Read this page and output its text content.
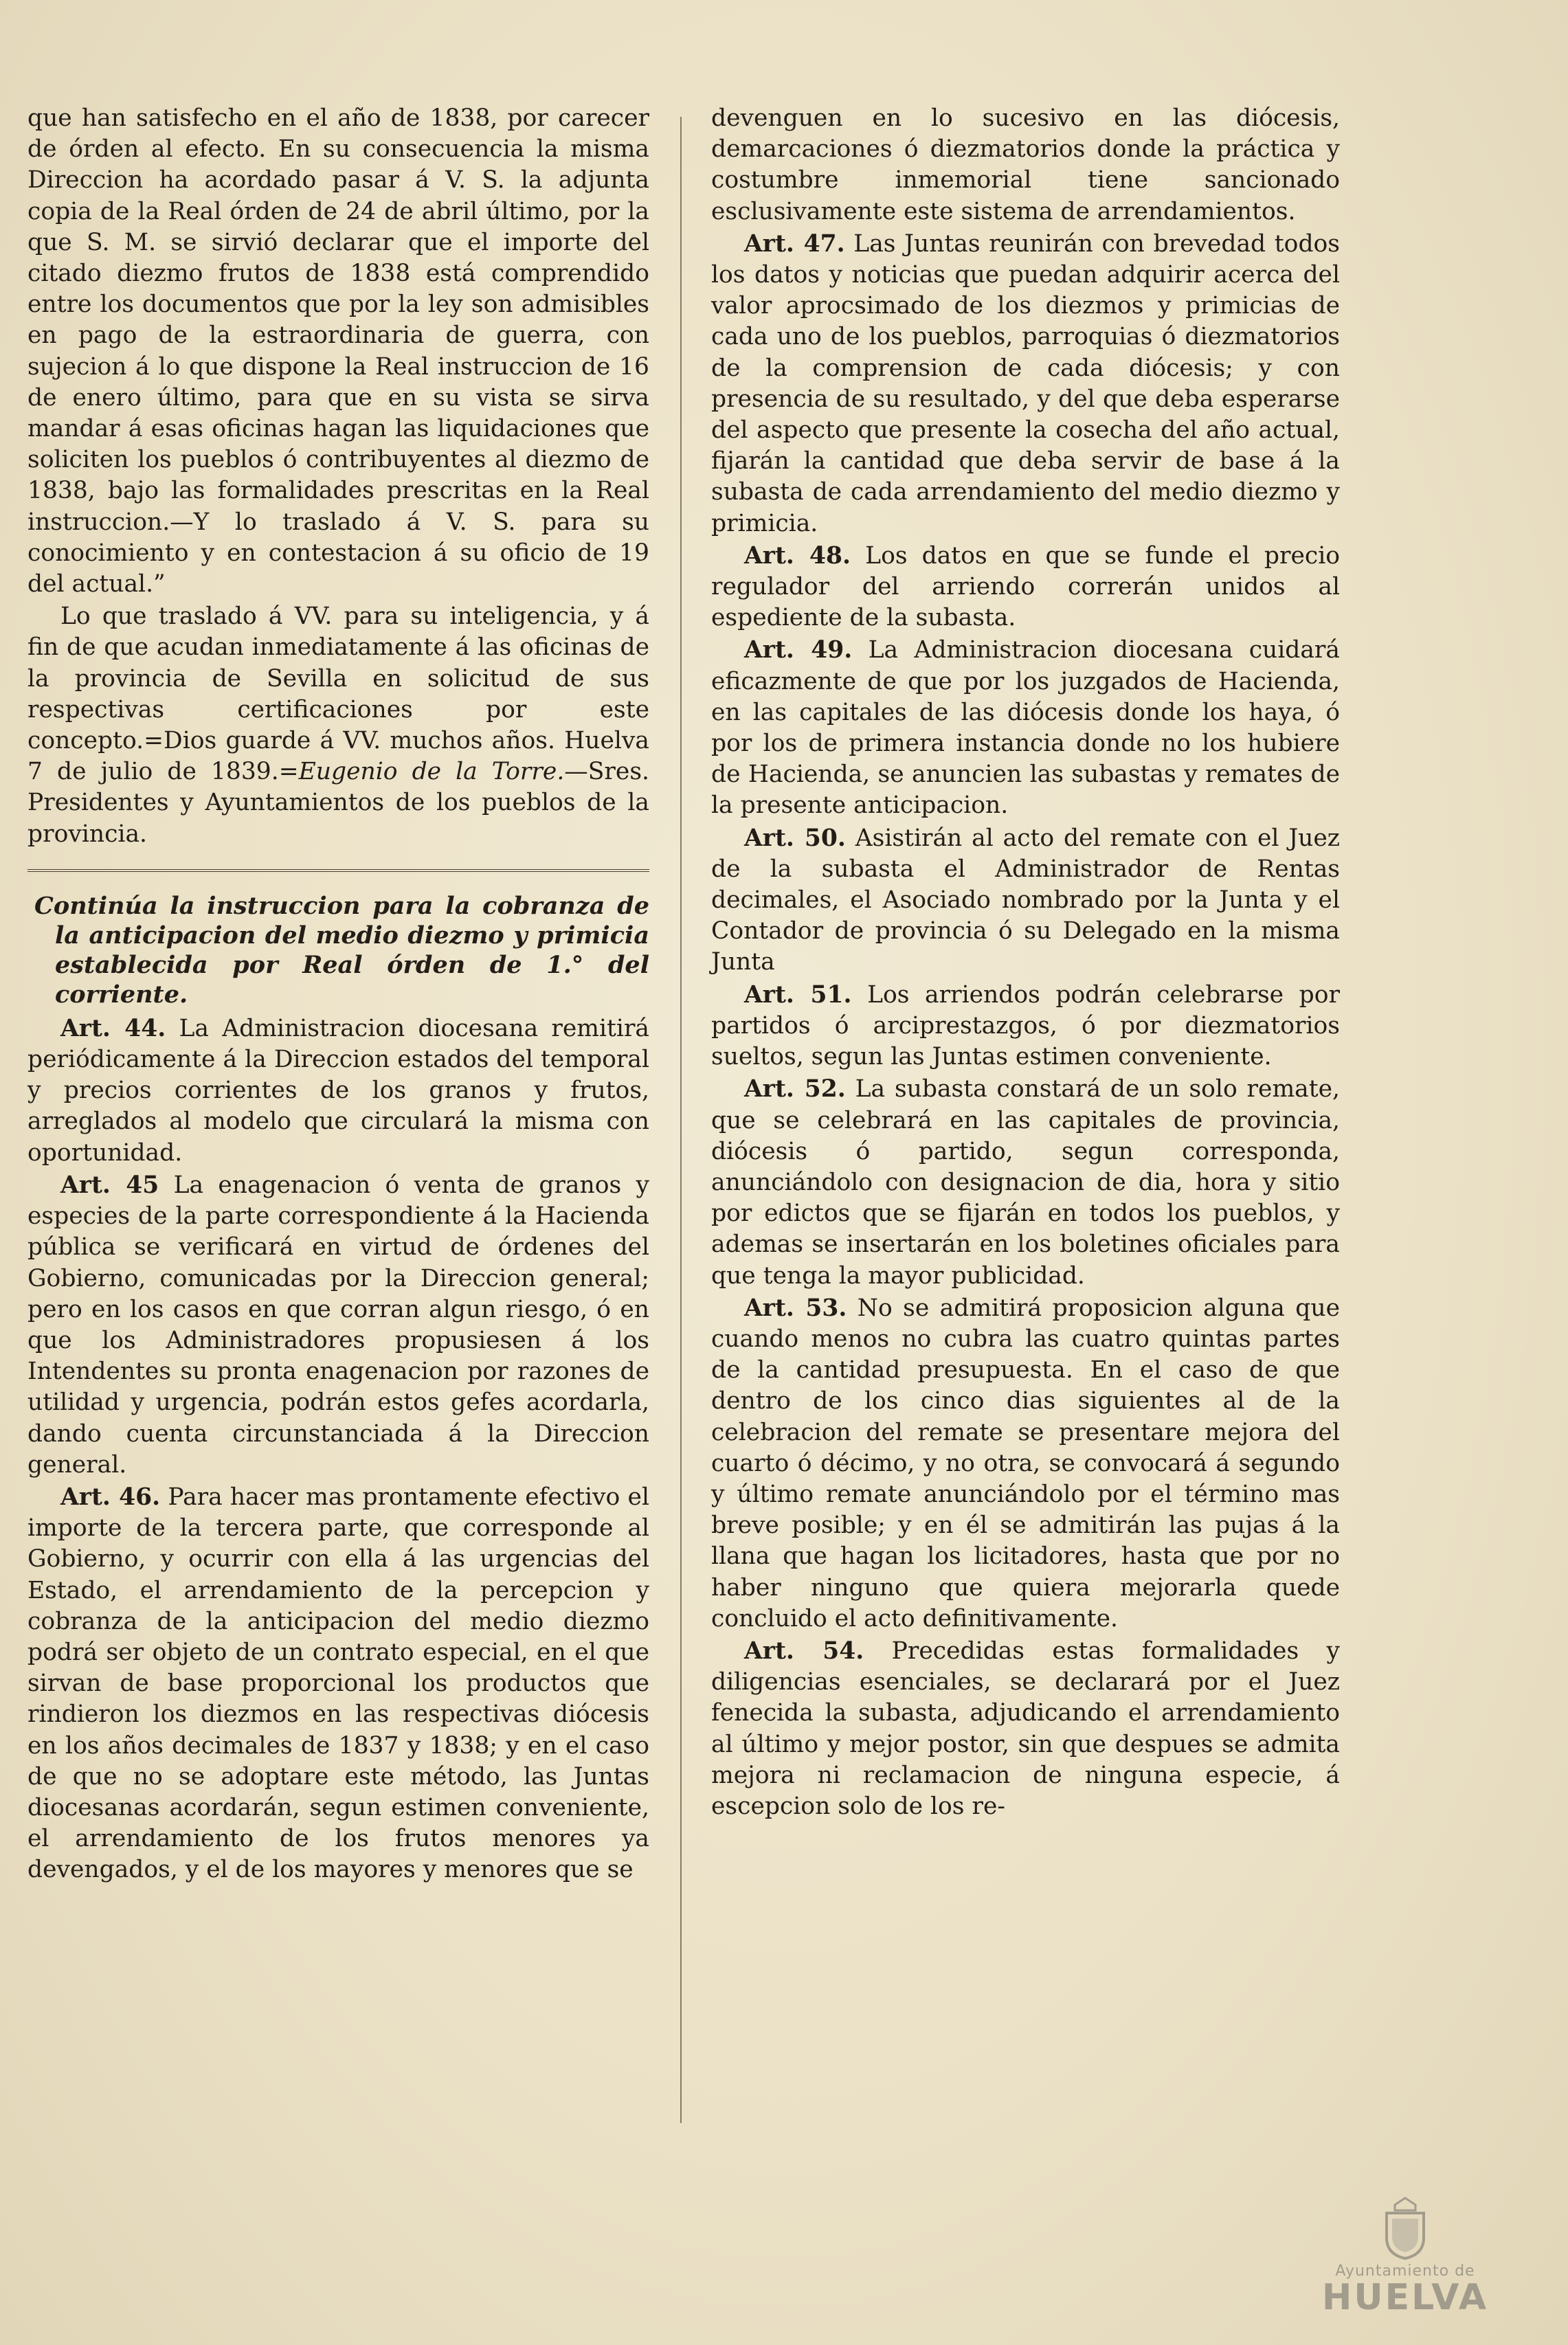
que han satisfecho en el año de 1838, por carecer de órden al efecto. En su consecuencia la misma Direccion ha acordado pasar á V. S. la adjunta copia de la Real órden de 24 de abril último, por la que S. M. se sirvió declarar que el importe del citado diezmo frutos de 1838 está comprendido entre los documentos que por la ley son admisibles en pago de la estraordinaria de guerra, con sujecion á lo que dispone la Real instruccion de 16 de enero último, para que en su vista se sirva mandar á esas oficinas hagan las liquidaciones que soliciten los pueblos ó contribuyentes al diezmo de 1838, bajo las formalidades prescritas en la Real instruccion.—Y lo traslado á V. S. para su conocimiento y en contestacion á su oficio de 19 del actual.”

Lo que traslado á VV. para su inteligencia, y á fin de que acudan inmediatamente á las oficinas de la provincia de Sevilla en solicitud de sus respectivas certificaciones por este concepto.=Dios guarde á VV. muchos años. Huelva 7 de julio de 1839.=Eugenio de la Torre.—Sres. Presidentes y Ayuntamientos de los pueblos de la provincia.

Continúa la instruccion para la cobranza de la anticipacion del medio diezmo y primicia establecida por Real órden de 1.° del corriente.

Art. 44. La Administracion diocesana remitirá periódicamente á la Direccion estados del temporal y precios corrientes de los granos y frutos, arreglados al modelo que circulará la misma con oportunidad.

Art. 45 La enagenacion ó venta de granos y especies de la parte correspondiente á la Hacienda pública se verificará en virtud de órdenes del Gobierno, comunicadas por la Direccion general; pero en los casos en que corran algun riesgo, ó en que los Administradores propusiesen á los Intendentes su pronta enagenacion por razones de utilidad y urgencia, podrán estos gefes acordarla, dando cuenta circunstanciada á la Direccion general.

Art. 46. Para hacer mas prontamente efectivo el importe de la tercera parte, que corresponde al Gobierno, y ocurrir con ella á las urgencias del Estado, el arrendamiento de la percepcion y cobranza de la anticipacion del medio diezmo podrá ser objeto de un contrato especial, en el que sirvan de base proporcional los productos que rindieron los diezmos en las respectivas diócesis en los años decimales de 1837 y 1838; y en el caso de que no se adoptare este método, las Juntas diocesanas acordarán, segun estimen conveniente, el arrendamiento de los frutos menores ya devengados, y el de los mayores y menores que se

devenguen en lo sucesivo en las diócesis, demarcaciones ó diezmatorios donde la práctica y costumbre inmemorial tiene sancionado esclusivamente este sistema de arrendamientos.

Art. 47. Las Juntas reunirán con brevedad todos los datos y noticias que puedan adquirir acerca del valor aprocsimado de los diezmos y primicias de cada uno de los pueblos, parroquias ó diezmatorios de la comprension de cada diócesis; y con presencia de su resultado, y del que deba esperarse del aspecto que presente la cosecha del año actual, fijarán la cantidad que deba servir de base á la subasta de cada arrendamiento del medio diezmo y primicia.

Art. 48. Los datos en que se funde el precio regulador del arriendo correrán unidos al espediente de la subasta.

Art. 49. La Administracion diocesana cuidará eficazmente de que por los juzgados de Hacienda, en las capitales de las diócesis donde los haya, ó por los de primera instancia donde no los hubiere de Hacienda, se anuncien las subastas y remates de la presente anticipacion.

Art. 50. Asistirán al acto del remate con el Juez de la subasta el Administrador de Rentas decimales, el Asociado nombrado por la Junta y el Contador de provincia ó su Delegado en la misma Junta

Art. 51. Los arriendos podrán celebrarse por partidos ó arciprestazgos, ó por diezmatorios sueltos, segun las Juntas estimen conveniente.

Art. 52. La subasta constará de un solo remate, que se celebrará en las capitales de provincia, diócesis ó partido, segun corresponda, anunciándolo con designacion de dia, hora y sitio por edictos que se fijarán en todos los pueblos, y ademas se insertarán en los boletines oficiales para que tenga la mayor publicidad.

Art. 53. No se admitirá proposicion alguna que cuando menos no cubra las cuatro quintas partes de la cantidad presupuesta. En el caso de que dentro de los cinco dias siguientes al de la celebracion del remate se presentare mejora del cuarto ó décimo, y no otra, se convocará á segundo y último remate anunciándolo por el término mas breve posible; y en él se admitirán las pujas á la llana que hagan los licitadores, hasta que por no haber ninguno que quiera mejorarla quede concluido el acto definitivamente.

Art. 54. Precedidas estas formalidades y diligencias esenciales, se declarará por el Juez fenecida la subasta, adjudicando el arrendamiento al último y mejor postor, sin que despues se admita mejora ni reclamacion de ninguna especie, á escepcion solo de los re-

Ayuntamiento de
HUELVA
